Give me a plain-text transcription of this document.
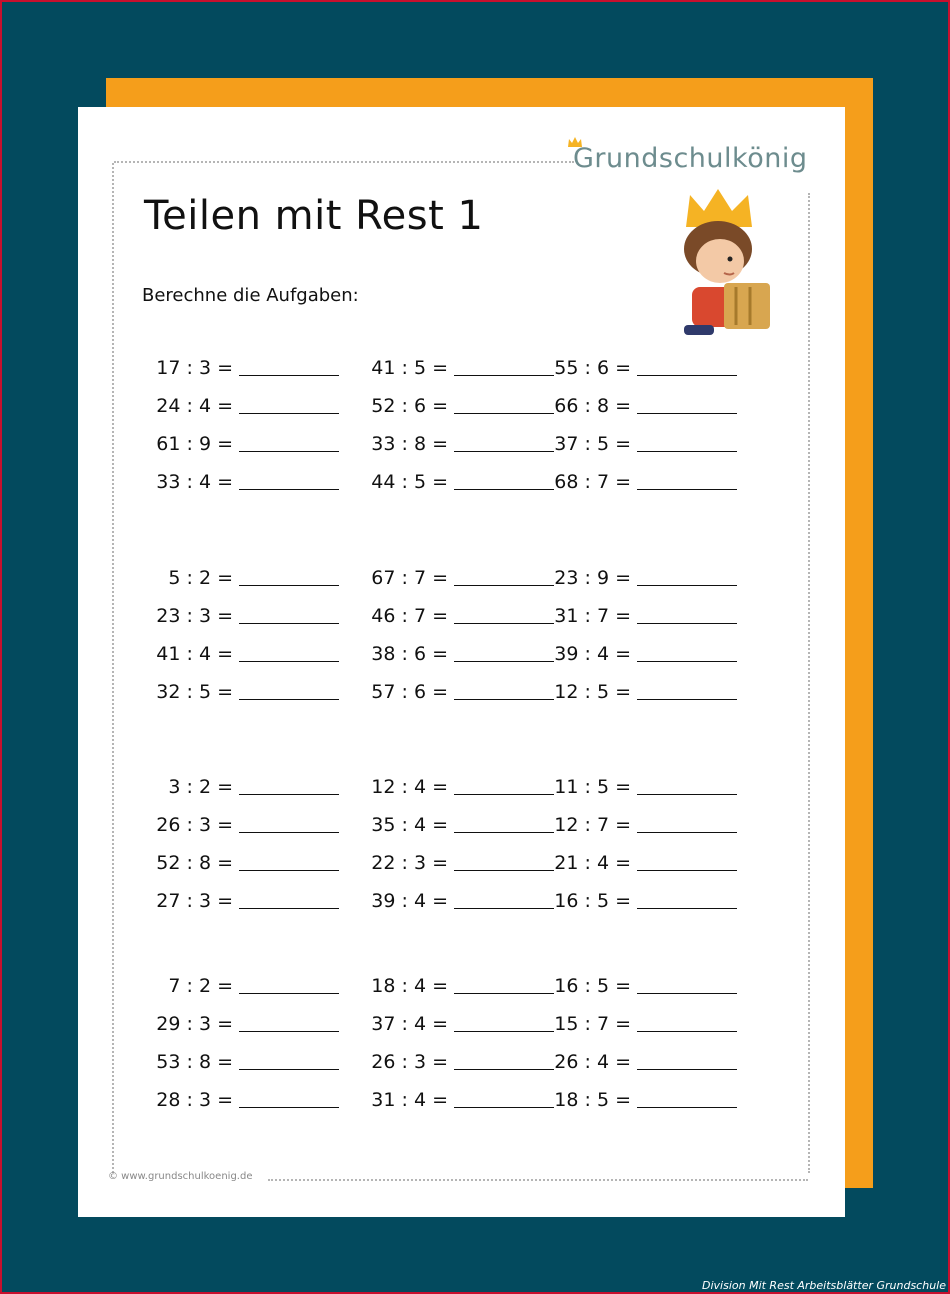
Grundschulkönig
Teilen mit Rest 1
Berechne die Aufgaben:
17 : 3 =	41 : 5 =	55 : 6 =
24 : 4 =	52 : 6 =	66 : 8 =
61 : 9 =	33 : 8 =	37 : 5 =
33 : 4 =	44 : 5 =	68 : 7 =
5 : 2 =	67 : 7 =	23 : 9 =
23 : 3 =	46 : 7 =	31 : 7 =
41 : 4 =	38 : 6 =	39 : 4 =
32 : 5 =	57 : 6 =	12 : 5 =
3 : 2 =	12 : 4 =	11 : 5 =
26 : 3 =	35 : 4 =	12 : 7 =
52 : 8 =	22 : 3 =	21 : 4 =
27 : 3 =	39 : 4 =	16 : 5 =
7 : 2 =	18 : 4 =	16 : 5 =
29 : 3 =	37 : 4 =	15 : 7 =
53 : 8 =	26 : 3 =	26 : 4 =
28 : 3 =	31 : 4 =	18 : 5 =
© www.grundschulkoenig.de
Division Mit Rest Arbeitsblätter Grundschule
